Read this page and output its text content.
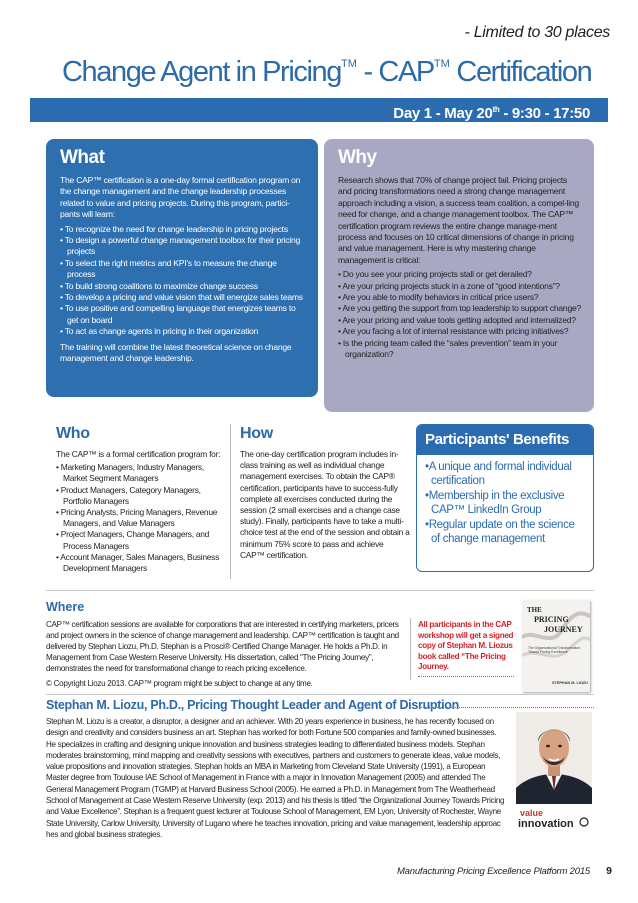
- Limited to 30 places
Change Agent in Pricing™ - CAP™ Certification
Day 1 - May 20th - 9:30 - 17:50
What

The CAP™ certification is a one-day formal certification program on the change management and the change leadership processes related to value and pricing projects. During this program, partici-pants will learn:

• To recognize the need for change leadership in pricing projects
• To design a powerful change management toolbox for their pricing projects
• To select the right metrics and KPI's to measure the change process
• To build strong coalitions to maximize change success
• To develop a pricing and value vision that will energize sales teams
• To use positive and compelling language that energizes teams to get on board
• To act as change agents in pricing in their organization

The training will combine the latest theoretical science on change management and change leadership.

Why

Research shows that 70% of change project fail. Pricing projects and pricing transformations need a strong change management approach including a vision, a success team coalition, a compel-ling need for change, and a change management toolbox. The CAP™ certification program reviews the entire change manage-ment process and focuses on 10 critical dimensions of change in pricing and value management. Here is why mastering change management is critical:

• Do you see your pricing projects stall or get derailed?
• Are your pricing projects stuck in a zone of “good intentions”?
• Are you able to modify behaviors in critical price users?
• Are you getting the support from top leadership to support change?
• Are your pricing and value tools getting adopted and internalized?
• Are you facing a lot of internal resistance with pricing initiatives?
• Is the pricing team called the “sales prevention” team in your organization?
Who

The CAP™ is a formal certification program for:

• Marketing Managers, Industry Managers, Market Segment Managers
• Product Managers, Category Managers, Portfolio Managers
• Pricing Analysts, Pricing Managers, Revenue Managers, and Value Managers
• Project Managers, Change Managers, and Process Managers
• Account Manager, Sales Managers, Business Development Managers
How

The one-day certification program includes in-class training as well as individual change management exercises. To obtain the CAP® certification, participants have to success-fully complete all exercises conducted during the session (2 small exercises and a change case study). Finally, participants have to take a multi-choice test at the end of the session and obtain a minimum 75% score to pass and achieve CAP™ certification.

Participants' Benefits
• A unique and formal individual certification
• Membership in the exclusive CAP™ LinkedIn Group
• Regular update on the science of change management
Where

CAP™ certification sessions are available for corporations that are interested in certifying marketers, pricers and project owners in the science of change management and leadership. CAP™ certification is taught and delivered by Stephan Liozu, Ph.D. Stephan is a Prosci® Certified Change Manager. He holds a Ph.D. in Management from Case Western Reserve University. His dissertation, called “The Pricing Journey”, demonstrates the need for transformational change to reach pricing excellence.

© Copyright Liozu 2013. CAP™ program might be subject to change at any time.

All participants in the CAP workshop will get a signed copy of Stephan M. Liozus book called “The Pricing Journey.
THE
PRICING
JOURNEY
The Organizational Transformation Toward Pricing Excellence
STEPHAN M. LIOZU
Stephan M. Liozu, Ph.D., Pricing Thought Leader and Agent of Disruption
Stephan M. Liozu is a creator, a disruptor, a designer and an achiever. With 20 years experience in business, he has recently focused on design and creativity and considers business an art. Stephan has worked for both Fortune 500 companies and family-owned businesses. He specializes in crafting and designing unique innovation and business strategies leading to differentiated business models. Stephan moderates brainstorming, mind mapping and creativity sessions with executives, partners and customers to generate ideas, value models, value propositions and innovation strategies. Stephan holds an MBA in Marketing from Cleveland State University (1991), a European Master degree from Toulouse IAE School of Management in France with a major in Innovation Management (2005) and attended The General Management Program (TGMP) at Harvard Business School (2005). He earned a Ph.D. in Management from The Weatherhead School of Management at Case Western Reserve University (exp. 2013) and his thesis is titled “the Organizational Journey Towards Pricing and Value Excellence”. Stephan is a frequent guest lecturer at Toulouse School of Management, EM Lyon, University of Rochester, Wayne State University, Carlow University, University of Lugano where he teaches innovation, pricing and value management, leadership approac hes and global business strategies.
value
innovation
Manufacturing Pricing Excellence Platform 2015 9
